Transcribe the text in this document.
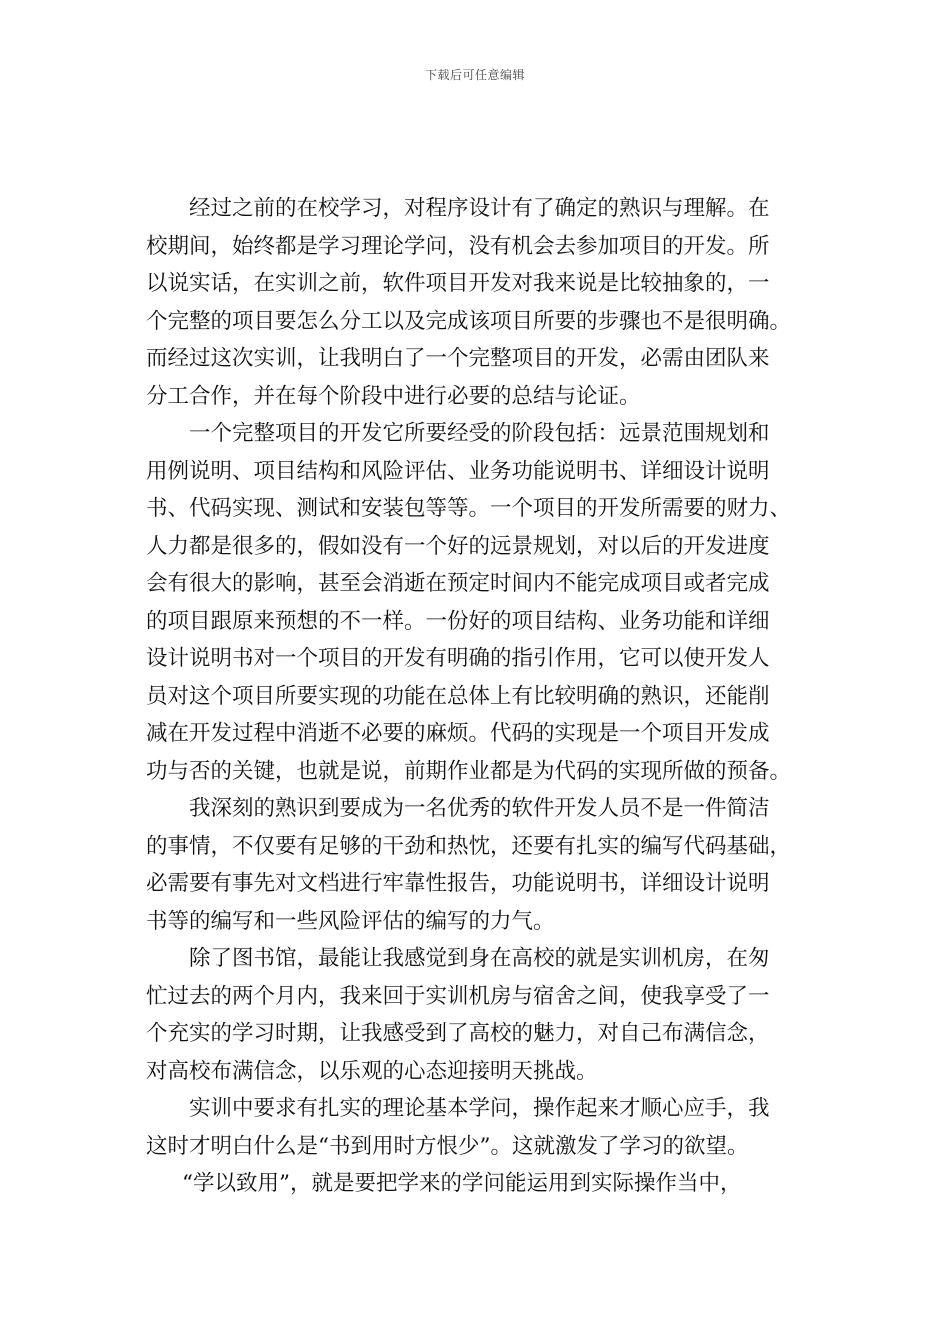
下载后可任意编辑
经过之前的在校学习，对程序设计有了确定的熟识与理解。在
校期间，始终都是学习理论学问，没有机会去参加项目的开发。所
以说实话，在实训之前，软件项目开发对我来说是比较抽象的，一
个完整的项目要怎么分工以及完成该项目所要的步骤也不是很明确。
而经过这次实训，让我明白了一个完整项目的开发，必需由团队来
分工合作，并在每个阶段中进行必要的总结与论证。
一个完整项目的开发它所要经受的阶段包括：远景范围规划和
用例说明、项目结构和风险评估、业务功能说明书、详细设计说明
书、代码实现、测试和安装包等等。一个项目的开发所需要的财力、
人力都是很多的，假如没有一个好的远景规划，对以后的开发进度
会有很大的影响，甚至会消逝在预定时间内不能完成项目或者完成
的项目跟原来预想的不一样。一份好的项目结构、业务功能和详细
设计说明书对一个项目的开发有明确的指引作用，它可以使开发人
员对这个项目所要实现的功能在总体上有比较明确的熟识，还能削
减在开发过程中消逝不必要的麻烦。代码的实现是一个项目开发成
功与否的关键，也就是说，前期作业都是为代码的实现所做的预备。
我深刻的熟识到要成为一名优秀的软件开发人员不是一件简洁
的事情，不仅要有足够的干劲和热忱，还要有扎实的编写代码基础，
必需要有事先对文档进行牢靠性报告，功能说明书，详细设计说明
书等的编写和一些风险评估的编写的力气。
除了图书馆，最能让我感觉到身在高校的就是实训机房，在匆
忙过去的两个月内，我来回于实训机房与宿舍之间，使我享受了一
个充实的学习时期，让我感受到了高校的魅力，对自己布满信念，
对高校布满信念，以乐观的心态迎接明天挑战。
实训中要求有扎实的理论基本学问，操作起来才顺心应手，我
这时才明白什么是“书到用时方恨少”。这就激发了学习的欲望。
“学以致用”，就是要把学来的学问能运用到实际操作当中，
